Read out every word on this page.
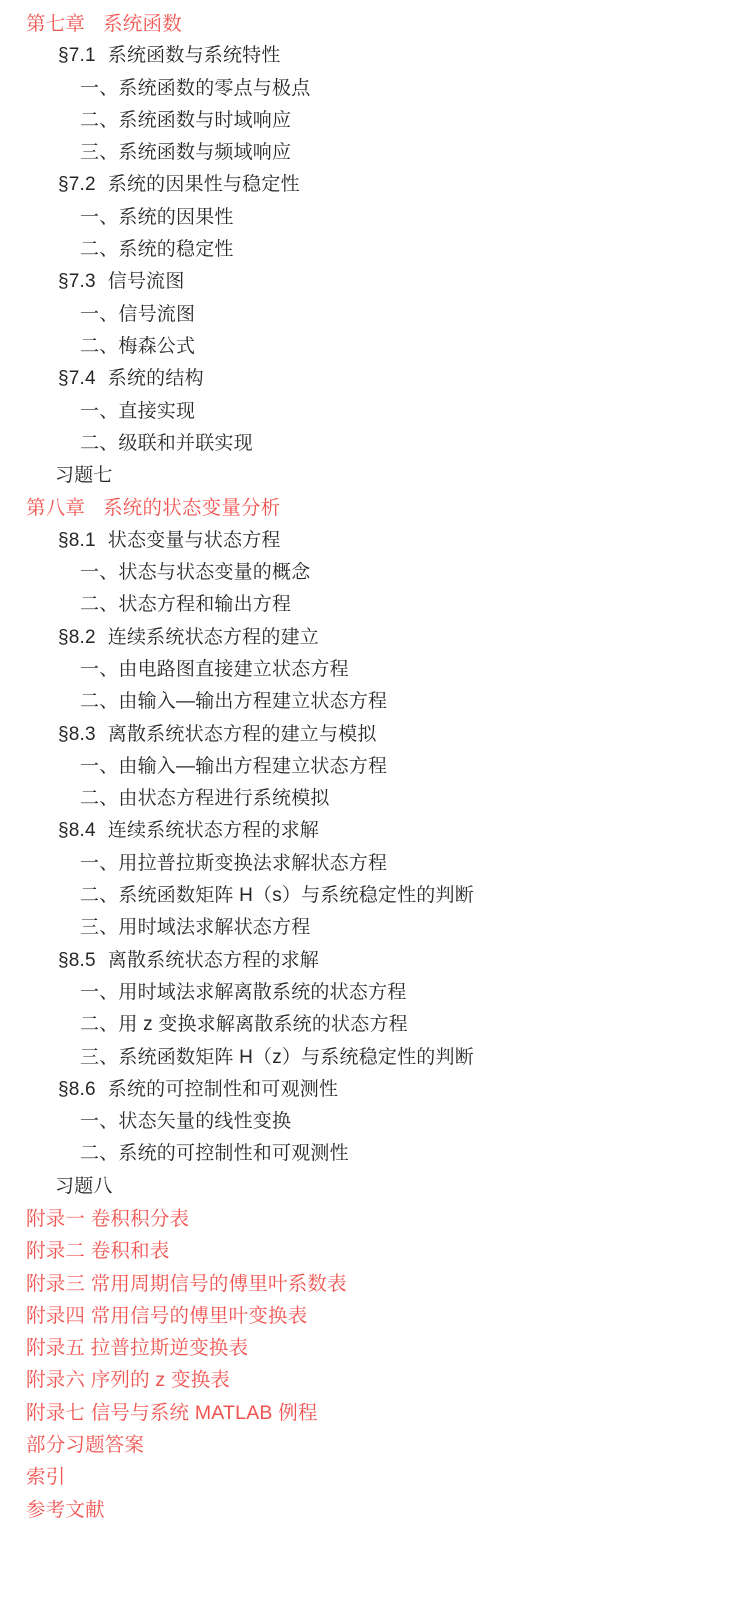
第七章 系统函数
§7.1 系统函数与系统特性
一、系统函数的零点与极点
二、系统函数与时域响应
三、系统函数与频域响应
§7.2 系统的因果性与稳定性
一、系统的因果性
二、系统的稳定性
§7.3 信号流图
一、信号流图
二、梅森公式
§7.4 系统的结构
一、直接实现
二、级联和并联实现
习题七
第八章 系统的状态变量分析
§8.1 状态变量与状态方程
一、状态与状态变量的概念
二、状态方程和输出方程
§8.2 连续系统状态方程的建立
一、由电路图直接建立状态方程
二、由输入—输出方程建立状态方程
§8.3 离散系统状态方程的建立与模拟
一、由输入—输出方程建立状态方程
二、由状态方程进行系统模拟
§8.4 连续系统状态方程的求解
一、用拉普拉斯变换法求解状态方程
二、系统函数矩阵 H（s）与系统稳定性的判断
三、用时域法求解状态方程
§8.5 离散系统状态方程的求解
一、用时域法求解离散系统的状态方程
二、用 z 变换求解离散系统的状态方程
三、系统函数矩阵 H（z）与系统稳定性的判断
§8.6 系统的可控制性和可观测性
一、状态矢量的线性变换
二、系统的可控制性和可观测性
习题八
附录一 卷积积分表
附录二 卷积和表
附录三 常用周期信号的傅里叶系数表
附录四 常用信号的傅里叶变换表
附录五 拉普拉斯逆变换表
附录六 序列的 z 变换表
附录七 信号与系统 MATLAB 例程
部分习题答案
索引
参考文献
